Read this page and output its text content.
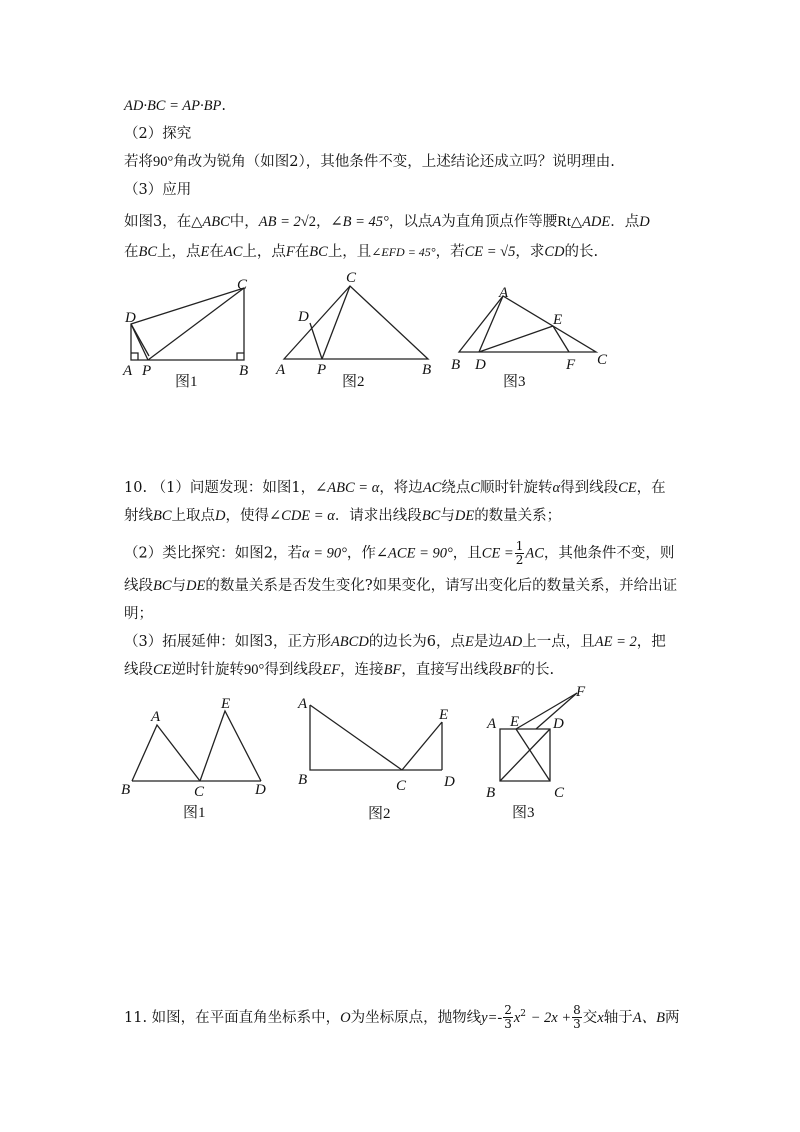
AD·BC = AP·BP.
（2）探究
若将90°角改为锐角（如图2），其他条件不变，上述结论还成立吗？说明理由.
（3）应用
如图3，在△ABC中，AB = 2√2，∠B = 45°，以点A为直角顶点作等腰Rt△ADE．点D
在BC上，点E在AC上，点F在BC上，且∠EFD = 45°，若CE = √5，求CD的长.
D
C
A P	B
图1
C
D
A P	B
图2
A
E
B D	F C
图3
10. （1）问题发现：如图1，∠ABC = α，将边AC绕点C顺时针旋转α得到线段CE，在
射线BC上取点D，使得∠CDE = α．请求出线段BC与DE的数量关系；
（2）类比探究：如图2，若α = 90°，作∠ACE = 90°，且CE = $\frac{1}{2}$ AC，其他条件不变，则
线段BC与DE的数量关系是否发生变化?如果变化，请写出变化后的数量关系，并给出证
明；
（3）拓展延伸：如图3，正方形ABCD的边长为6，点E是边AD上一点，且AE = 2，把
线段CE逆时针旋转90°得到线段EF，连接BF，直接写出线段BF的长.
A
E
B	C	D
图1
A
E
B	C	D
图2
F
A E D
B	C
图3
11. 如图，在平面直角坐标系中，O为坐标原点，抛物线$y=- \frac{2}{3} x^2 - 2x + \frac{8}{3}$ 交x轴于A、B两
